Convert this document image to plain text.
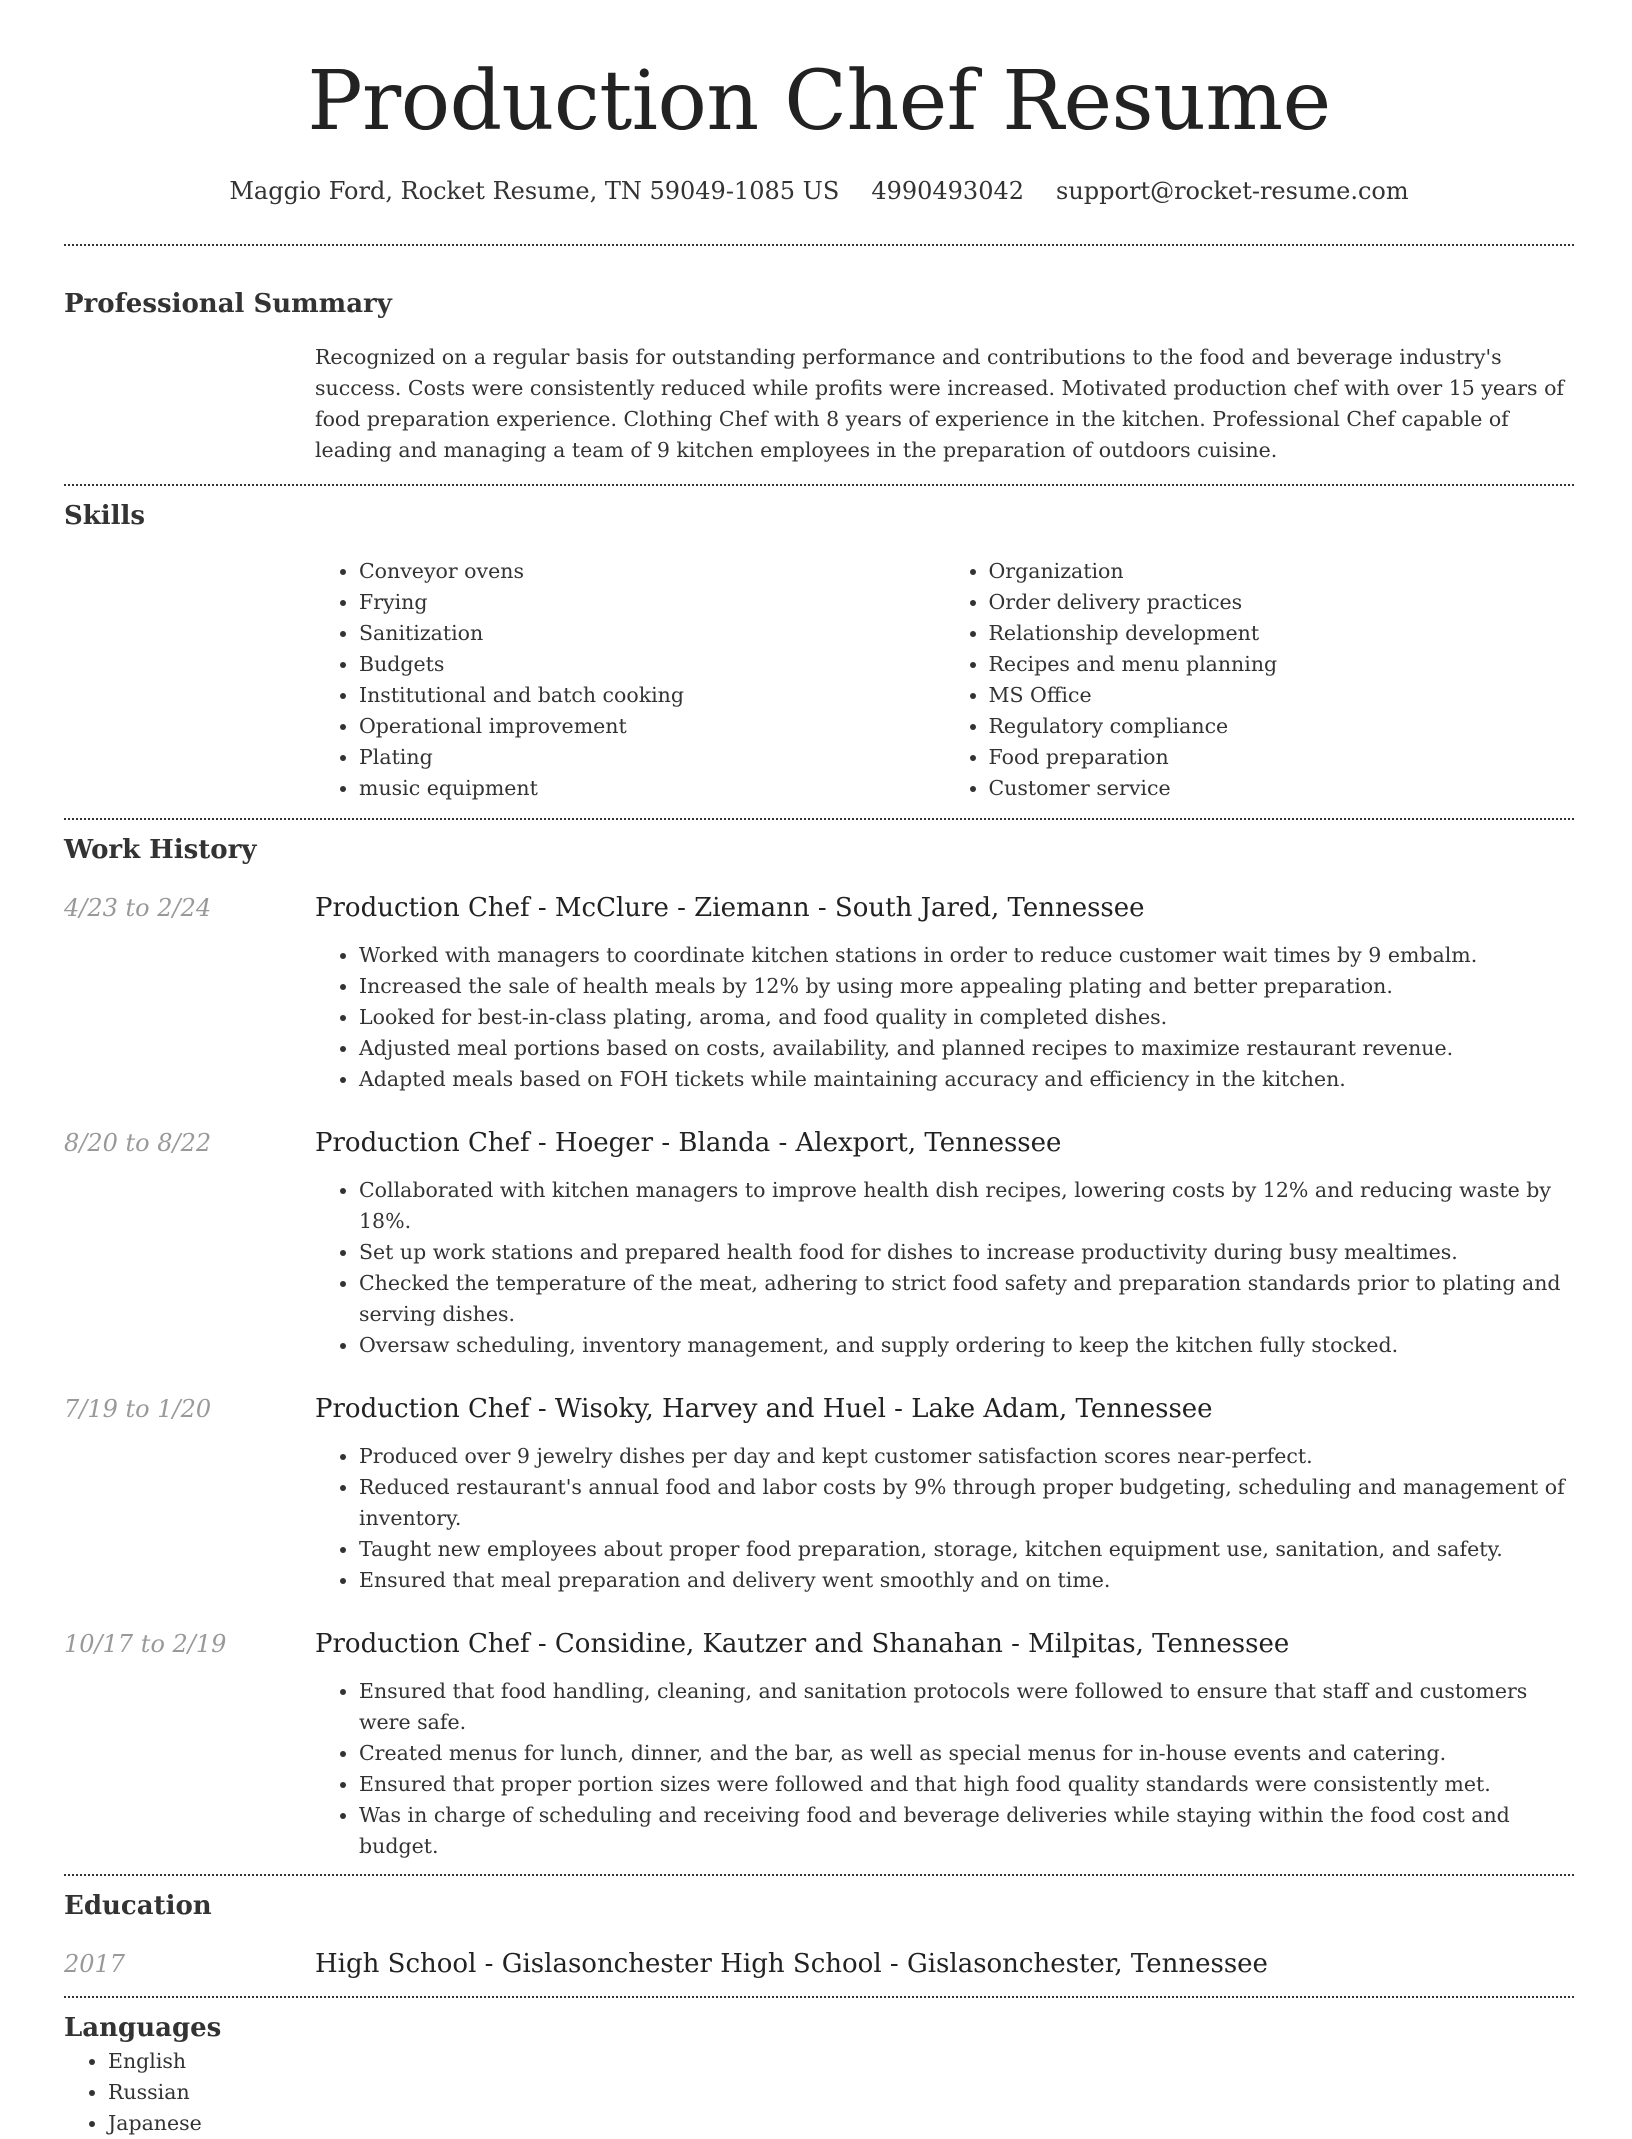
Production Chef Resume
Maggio Ford, Rocket Resume, TN 59049-1085 US 4990493042 support@rocket-resume.com
Professional Summary
Recognized on a regular basis for outstanding performance and contributions to the food and beverage industry's success. Costs were consistently reduced while profits were increased. Motivated production chef with over 15 years of food preparation experience. Clothing Chef with 8 years of experience in the kitchen. Professional Chef capable of leading and managing a team of 9 kitchen employees in the preparation of outdoors cuisine.
Skills
• Conveyor ovens
• Frying
• Sanitization
• Budgets
• Institutional and batch cooking
• Operational improvement
• Plating
• music equipment
• Organization
• Order delivery practices
• Relationship development
• Recipes and menu planning
• MS Office
• Regulatory compliance
• Food preparation
• Customer service
Work History
4/23 to 2/24	Production Chef - McClure - Ziemann - South Jared, Tennessee
• Worked with managers to coordinate kitchen stations in order to reduce customer wait times by 9 embalm.
• Increased the sale of health meals by 12% by using more appealing plating and better preparation.
• Looked for best-in-class plating, aroma, and food quality in completed dishes.
• Adjusted meal portions based on costs, availability, and planned recipes to maximize restaurant revenue.
• Adapted meals based on FOH tickets while maintaining accuracy and efficiency in the kitchen.
8/20 to 8/22	Production Chef - Hoeger - Blanda - Alexport, Tennessee
• Collaborated with kitchen managers to improve health dish recipes, lowering costs by 12% and reducing waste by 18%.
• Set up work stations and prepared health food for dishes to increase productivity during busy mealtimes.
• Checked the temperature of the meat, adhering to strict food safety and preparation standards prior to plating and serving dishes.
• Oversaw scheduling, inventory management, and supply ordering to keep the kitchen fully stocked.
7/19 to 1/20	Production Chef - Wisoky, Harvey and Huel - Lake Adam, Tennessee
• Produced over 9 jewelry dishes per day and kept customer satisfaction scores near-perfect.
• Reduced restaurant's annual food and labor costs by 9% through proper budgeting, scheduling and management of inventory.
• Taught new employees about proper food preparation, storage, kitchen equipment use, sanitation, and safety.
• Ensured that meal preparation and delivery went smoothly and on time.
10/17 to 2/19	Production Chef - Considine, Kautzer and Shanahan - Milpitas, Tennessee
• Ensured that food handling, cleaning, and sanitation protocols were followed to ensure that staff and customers were safe.
• Created menus for lunch, dinner, and the bar, as well as special menus for in-house events and catering.
• Ensured that proper portion sizes were followed and that high food quality standards were consistently met.
• Was in charge of scheduling and receiving food and beverage deliveries while staying within the food cost and budget.
Education
2017	High School - Gislasonchester High School - Gislasonchester, Tennessee
Languages
• English
• Russian
• Japanese
